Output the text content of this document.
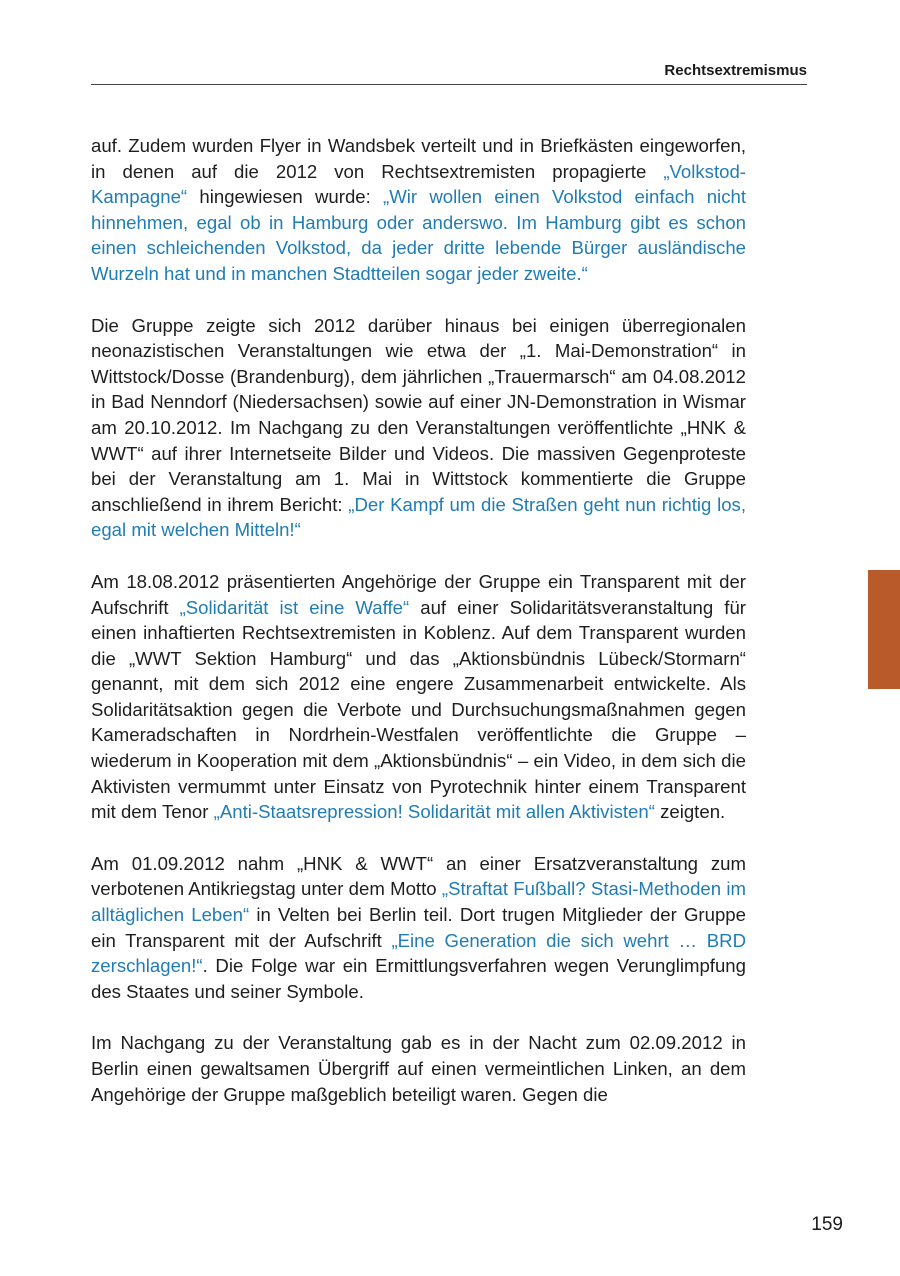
Rechtsextremismus

auf. Zudem wurden Flyer in Wandsbek verteilt und in Briefkästen eingeworfen, in denen auf die 2012 von Rechtsextremisten propagierte „Volkstod-Kampagne“ hingewiesen wurde: „Wir wollen einen Volkstod einfach nicht hinnehmen, egal ob in Hamburg oder anderswo. Im Hamburg gibt es schon einen schleichenden Volkstod, da jeder dritte lebende Bürger ausländische Wurzeln hat und in manchen Stadtteilen sogar jeder zweite.“

Die Gruppe zeigte sich 2012 darüber hinaus bei einigen überregionalen neonazistischen Veranstaltungen wie etwa der „1. Mai-Demonstration“ in Wittstock/Dosse (Brandenburg), dem jährlichen „Trauermarsch“ am 04.08.2012 in Bad Nenndorf (Niedersachsen) sowie auf einer JN-Demonstration in Wismar am 20.10.2012. Im Nachgang zu den Veranstaltungen veröffentlichte „HNK & WWT“ auf ihrer Internetseite Bilder und Videos. Die massiven Gegenproteste bei der Veranstaltung am 1. Mai in Wittstock kommentierte die Gruppe anschließend in ihrem Bericht: „Der Kampf um die Straßen geht nun richtig los, egal mit welchen Mitteln!“

Am 18.08.2012 präsentierten Angehörige der Gruppe ein Transparent mit der Aufschrift „Solidarität ist eine Waffe“ auf einer Solidaritätsveranstaltung für einen inhaftierten Rechtsextremisten in Koblenz. Auf dem Transparent wurden die „WWT Sektion Hamburg“ und das „Aktionsbündnis Lübeck/​Stormarn“ genannt, mit dem sich 2012 eine engere Zusammenarbeit entwickelte. Als Solidaritätsaktion gegen die Verbote und Durchsuchungsmaßnahmen gegen Kameradschaften in Nordrhein-Westfalen veröffentlichte die Gruppe – wiederum in Kooperation mit dem „Aktionsbündnis“ – ein Video, in dem sich die Aktivisten vermummt unter Einsatz von Pyrotechnik hinter einem Transparent mit dem Tenor „Anti-Staatsrepression! Solidarität mit allen Aktivisten“ zeigten.

Am 01.09.2012 nahm „HNK & WWT“ an einer Ersatzveranstaltung zum verbotenen Antikriegstag unter dem Motto „Straftat Fußball? Stasi-Methoden im alltäglichen Leben“ in Velten bei Berlin teil. Dort trugen Mitglieder der Gruppe ein Transparent mit der Aufschrift „Eine Generation die sich wehrt … BRD zerschlagen!“. Die Folge war ein Ermittlungsverfahren wegen Verunglimpfung des Staates und seiner Symbole.

Im Nachgang zu der Veranstaltung gab es in der Nacht zum 02.09.2012 in Berlin einen gewaltsamen Übergriff auf einen vermeintlichen Linken, an dem Angehörige der Gruppe maßgeblich beteiligt waren. Gegen die

159
